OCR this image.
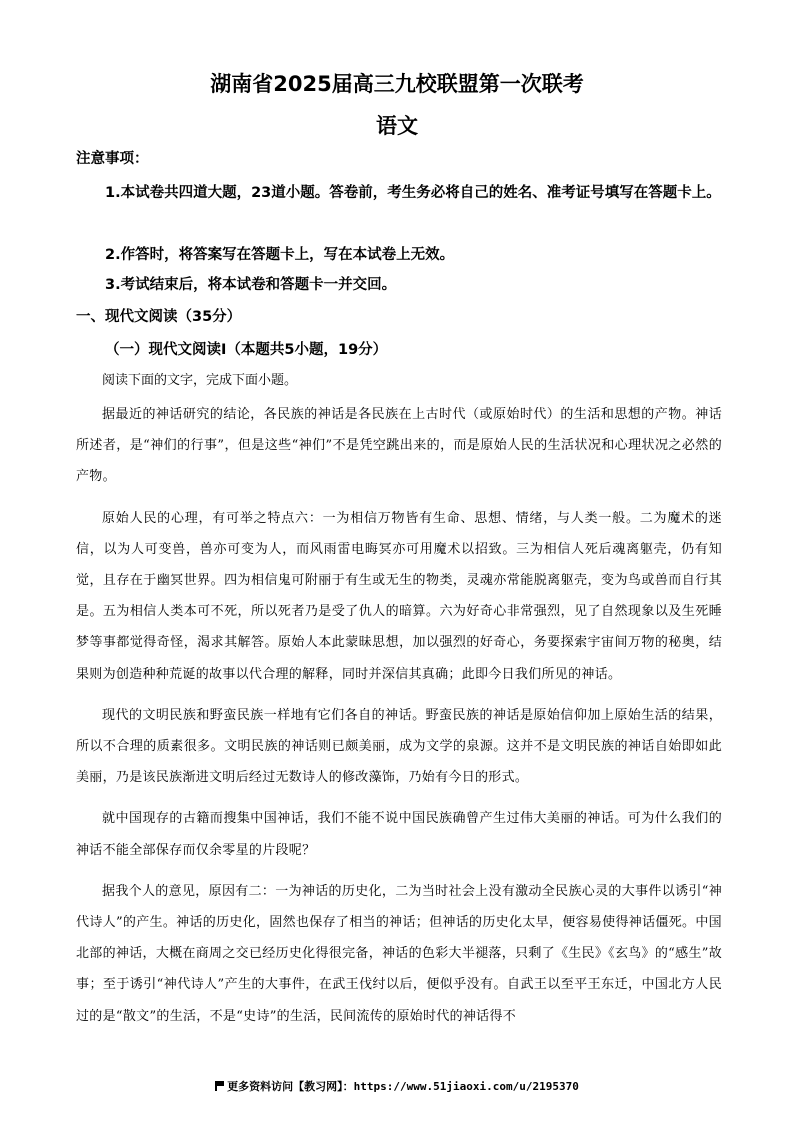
湖南省2025届高三九校联盟第一次联考
语文
注意事项：

1.本试卷共四道大题，23道小题。答卷前，考生务必将自己的姓名、准考证号填写在答题卡上。

2.作答时，将答案写在答题卡上，写在本试卷上无效。

3.考试结束后，将本试卷和答题卡一并交回。

一、现代文阅读（35分）
（一）现代文阅读Ⅰ（本题共5小题，19分）

阅读下面的文字，完成下面小题。

据最近的神话研究的结论，各民族的神话是各民族在上古时代（或原始时代）的生活和思想的产物。神话所述者，是“神们的行事”，但是这些“神们”不是凭空跳出来的，而是原始人民的生活状况和心理状况之必然的产物。

原始人民的心理，有可举之特点六：一为相信万物皆有生命、思想、情绪，与人类一般。二为魔术的迷信，以为人可变兽，兽亦可变为人，而风雨雷电晦冥亦可用魔术以招致。三为相信人死后魂离躯壳，仍有知觉，且存在于幽冥世界。四为相信鬼可附丽于有生或无生的物类，灵魂亦常能脱离躯壳，变为鸟或兽而自行其是。五为相信人类本可不死，所以死者乃是受了仇人的暗算。六为好奇心非常强烈，见了自然现象以及生死睡梦等事都觉得奇怪，渴求其解答。原始人本此蒙昧思想，加以强烈的好奇心，务要探索宇宙间万物的秘奥，结果则为创造种种荒诞的故事以代合理的解释，同时并深信其真确；此即今日我们所见的神话。

现代的文明民族和野蛮民族一样地有它们各自的神话。野蛮民族的神话是原始信仰加上原始生活的结果，所以不合理的质素很多。文明民族的神话则已颇美丽，成为文学的泉源。这并不是文明民族的神话自始即如此美丽，乃是该民族渐进文明后经过无数诗人的修改藻饰，乃始有今日的形式。

就中国现存的古籍而搜集中国神话，我们不能不说中国民族确曾产生过伟大美丽的神话。可为什么我们的神话不能全部保存而仅余零星的片段呢？

据我个人的意见，原因有二：一为神话的历史化，二为当时社会上没有激动全民族心灵的大事件以诱引“神代诗人”的产生。神话的历史化，固然也保存了相当的神话；但神话的历史化太早，便容易使得神话僵死。中国北部的神话，大概在商周之交已经历史化得很完备，神话的色彩大半褪落，只剩了《生民》《玄鸟》的“感生”故事；至于诱引“神代诗人”产生的大事件，在武王伐纣以后，便似乎没有。自武王以至平王东迁，中国北方人民过的是“散文”的生活，不是“史诗”的生活，民间流传的原始时代的神话得不

更多资料访问【教习网】：https://www.51jiaoxi.com/u/2195370
